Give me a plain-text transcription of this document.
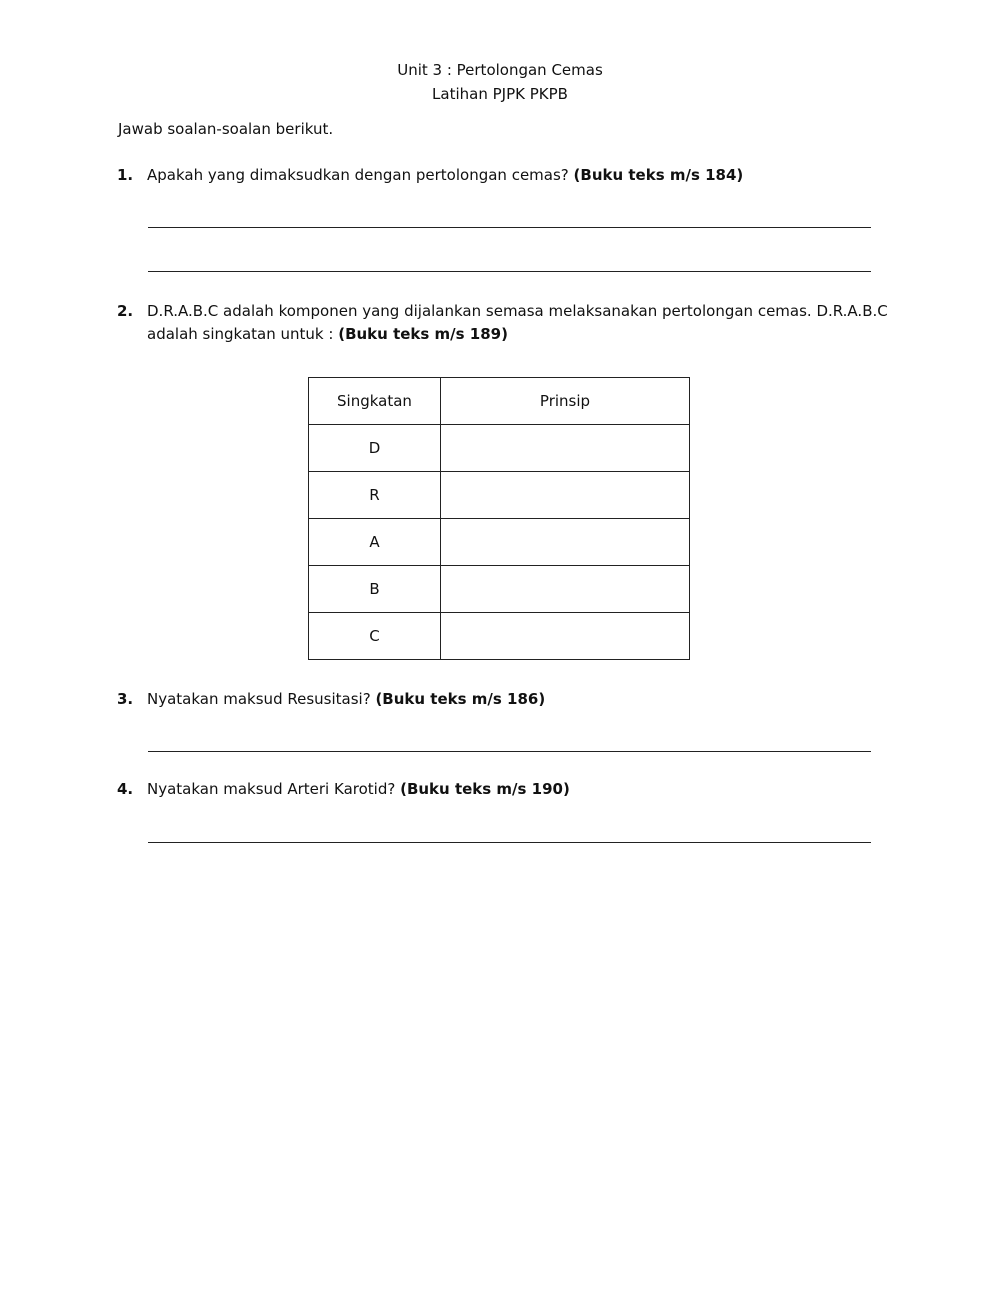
Unit 3 : Pertolongan Cemas
Latihan PJPK PKPB
Jawab soalan-soalan berikut.
1. Apakah yang dimaksudkan dengan pertolongan cemas? (Buku teks m/s 184)
2. D.R.A.B.C adalah komponen yang dijalankan semasa melaksanakan pertolongan cemas. D.R.A.B.C
adalah singkatan untuk : (Buku teks m/s 189)
Singkatan	Prinsip
D	
R	
A	
B	
C	
3. Nyatakan maksud Resusitasi? (Buku teks m/s 186)
4. Nyatakan maksud Arteri Karotid? (Buku teks m/s 190)
